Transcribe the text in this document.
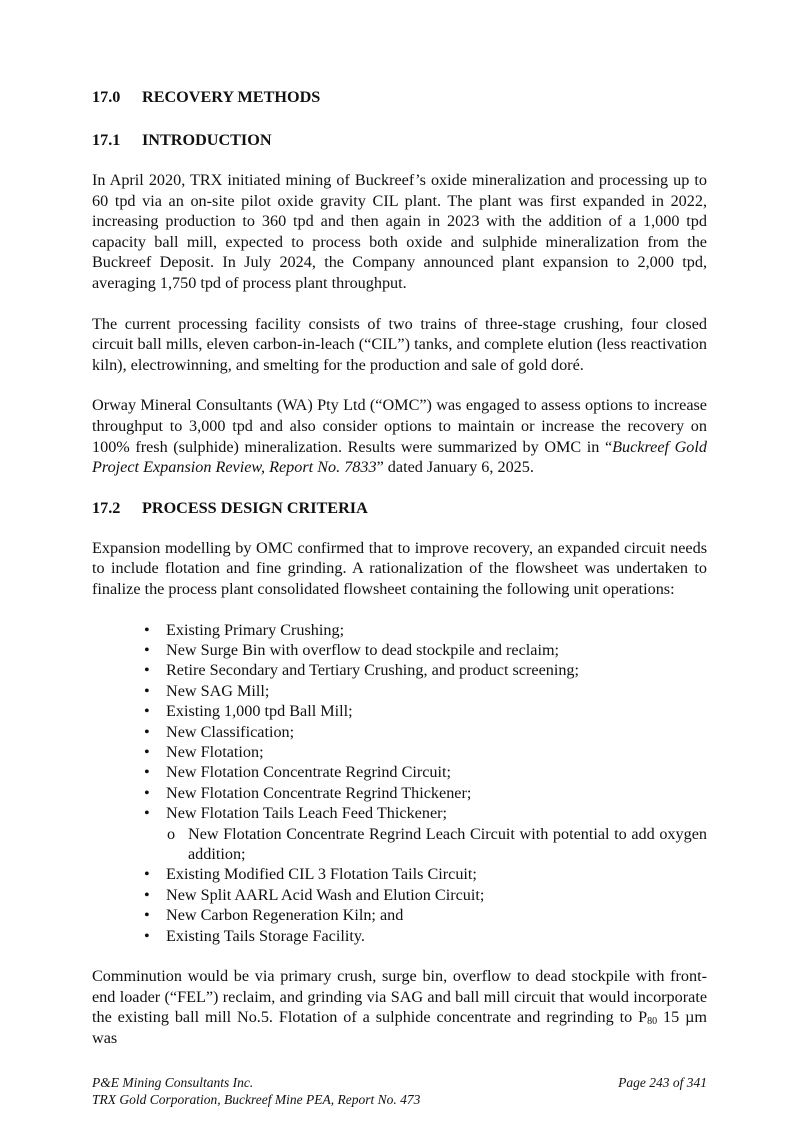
17.0 RECOVERY METHODS
17.1 INTRODUCTION

In April 2020, TRX initiated mining of Buckreef’s oxide mineralization and processing up to 60 tpd via an on-site pilot oxide gravity CIL plant. The plant was first expanded in 2022, increasing production to 360 tpd and then again in 2023 with the addition of a 1,000 tpd capacity ball mill, expected to process both oxide and sulphide mineralization from the Buckreef Deposit. In July 2024, the Company announced plant expansion to 2,000 tpd, averaging 1,750 tpd of process plant throughput.

The current processing facility consists of two trains of three-stage crushing, four closed circuit ball mills, eleven carbon-in-leach (“CIL”) tanks, and complete elution (less reactivation kiln), electrowinning, and smelting for the production and sale of gold doré.

Orway Mineral Consultants (WA) Pty Ltd (“OMC”) was engaged to assess options to increase throughput to 3,000 tpd and also consider options to maintain or increase the recovery on 100% fresh (sulphide) mineralization. Results were summarized by OMC in “Buckreef Gold Project Expansion Review, Report No. 7833” dated January 6, 2025.

17.2 PROCESS DESIGN CRITERIA

Expansion modelling by OMC confirmed that to improve recovery, an expanded circuit needs to include flotation and fine grinding. A rationalization of the flowsheet was undertaken to finalize the process plant consolidated flowsheet containing the following unit operations:

• Existing Primary Crushing;
• New Surge Bin with overflow to dead stockpile and reclaim;
• Retire Secondary and Tertiary Crushing, and product screening;
• New SAG Mill;
• Existing 1,000 tpd Ball Mill;
• New Classification;
• New Flotation;
• New Flotation Concentrate Regrind Circuit;
• New Flotation Concentrate Regrind Thickener;
• New Flotation Tails Leach Feed Thickener;
o New Flotation Concentrate Regrind Leach Circuit with potential to add oxygen addition;
• Existing Modified CIL 3 Flotation Tails Circuit;
• New Split AARL Acid Wash and Elution Circuit;
• New Carbon Regeneration Kiln; and
• Existing Tails Storage Facility.

Comminution would be via primary crush, surge bin, overflow to dead stockpile with front-end loader (“FEL”) reclaim, and grinding via SAG and ball mill circuit that would incorporate the existing ball mill No.5. Flotation of a sulphide concentrate and regrinding to $P_{80}$ 15 µm was

P&E Mining Consultants Inc.
TRX Gold Corporation, Buckreef Mine PEA, Report No. 473
Page 243 of 341
